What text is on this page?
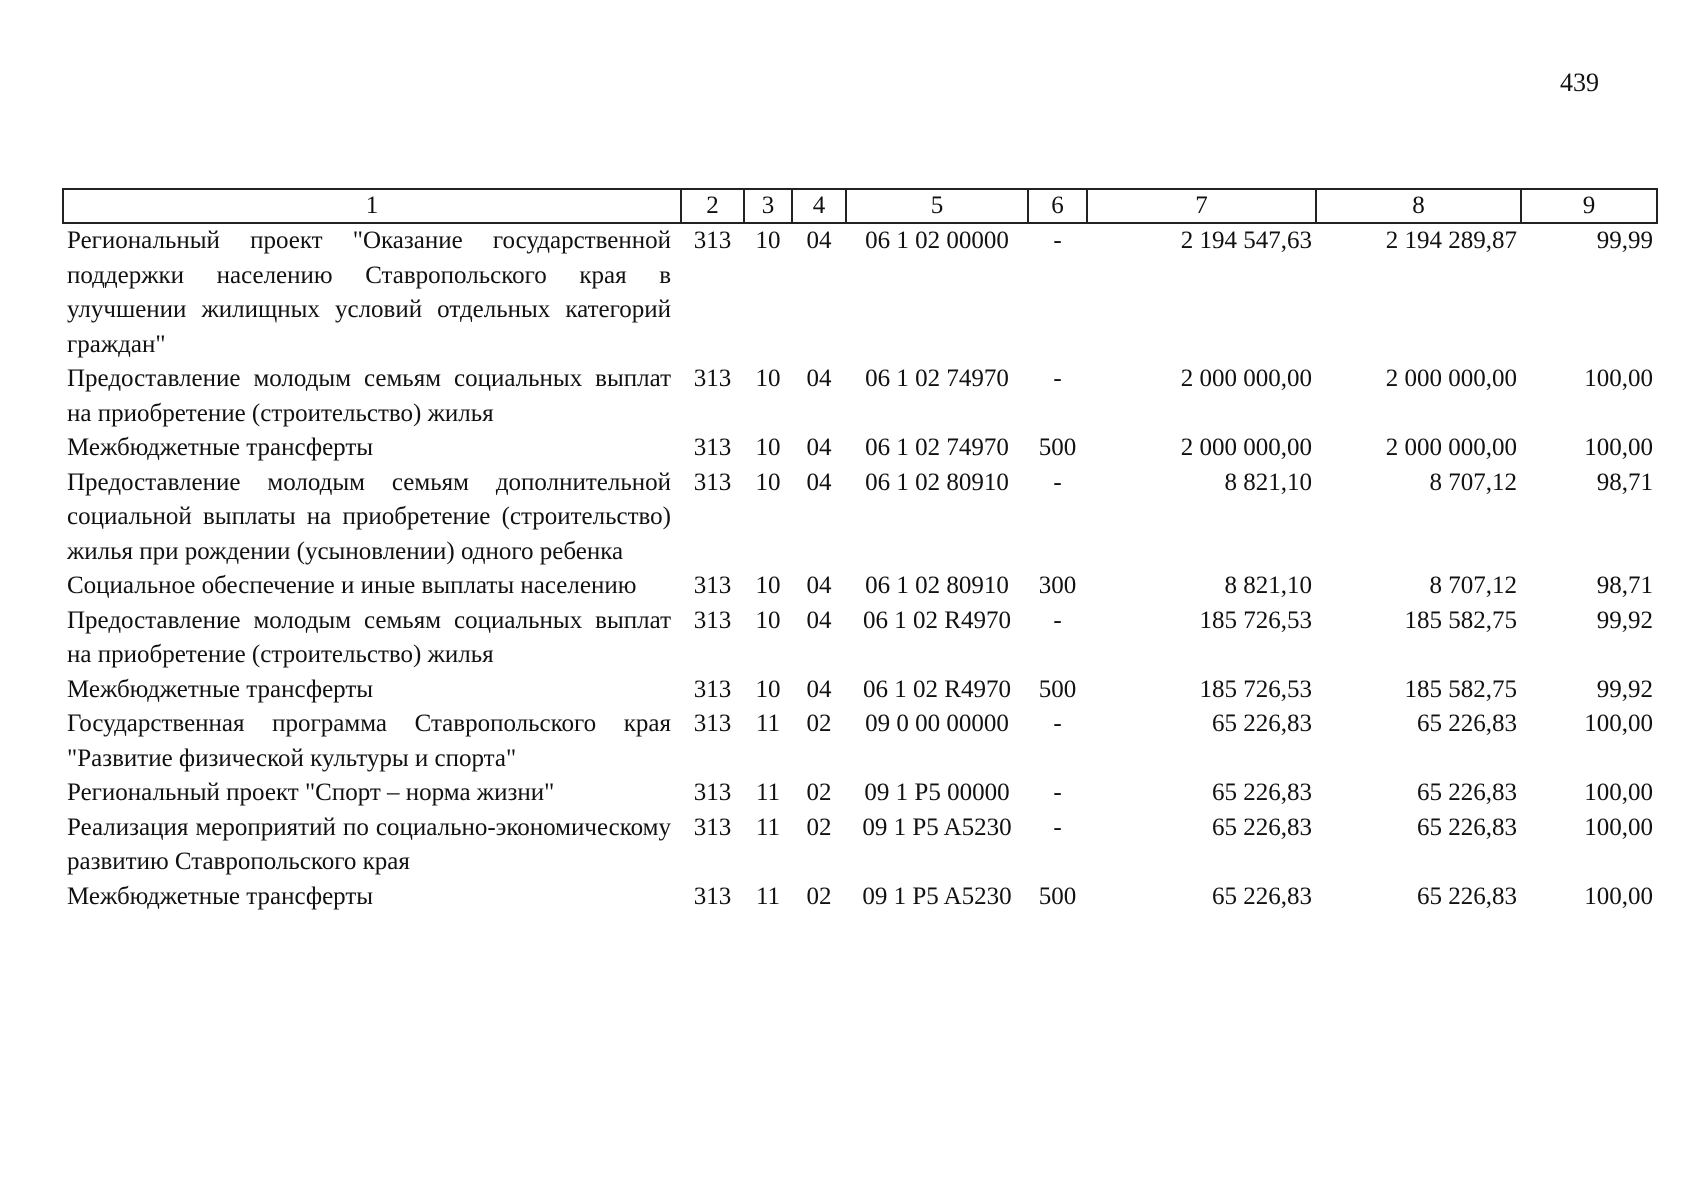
439
1	2	3	4	5	6	7	8	9
Региональный проект "Оказание государственной поддержки населению Ставропольского края в улучшении жилищных условий отдельных категорий граждан"	313	10	04	06 1 02 00000	-	2 194 547,63	2 194 289,87	99,99
Предоставление молодым семьям социальных выплат на приобретение (строительство) жилья	313	10	04	06 1 02 74970	-	2 000 000,00	2 000 000,00	100,00
Межбюджетные трансферты	313	10	04	06 1 02 74970	500	2 000 000,00	2 000 000,00	100,00
Предоставление молодым семьям дополнительной социальной выплаты на приобретение (строительство) жилья при рождении (усыновлении) одного ребенка	313	10	04	06 1 02 80910	-	8 821,10	8 707,12	98,71
Социальное обеспечение и иные выплаты населению	313	10	04	06 1 02 80910	300	8 821,10	8 707,12	98,71
Предоставление молодым семьям социальных выплат на приобретение (строительство) жилья	313	10	04	06 1 02 R4970	-	185 726,53	185 582,75	99,92
Межбюджетные трансферты	313	10	04	06 1 02 R4970	500	185 726,53	185 582,75	99,92
Государственная программа Ставропольского края "Развитие физической культуры и спорта"	313	11	02	09 0 00 00000	-	65 226,83	65 226,83	100,00
Региональный проект "Спорт – норма жизни"	313	11	02	09 1 P5 00000	-	65 226,83	65 226,83	100,00
Реализация мероприятий по социально-экономическому развитию Ставропольского края	313	11	02	09 1 P5 A5230	-	65 226,83	65 226,83	100,00
Межбюджетные трансферты	313	11	02	09 1 P5 A5230	500	65 226,83	65 226,83	100,00
